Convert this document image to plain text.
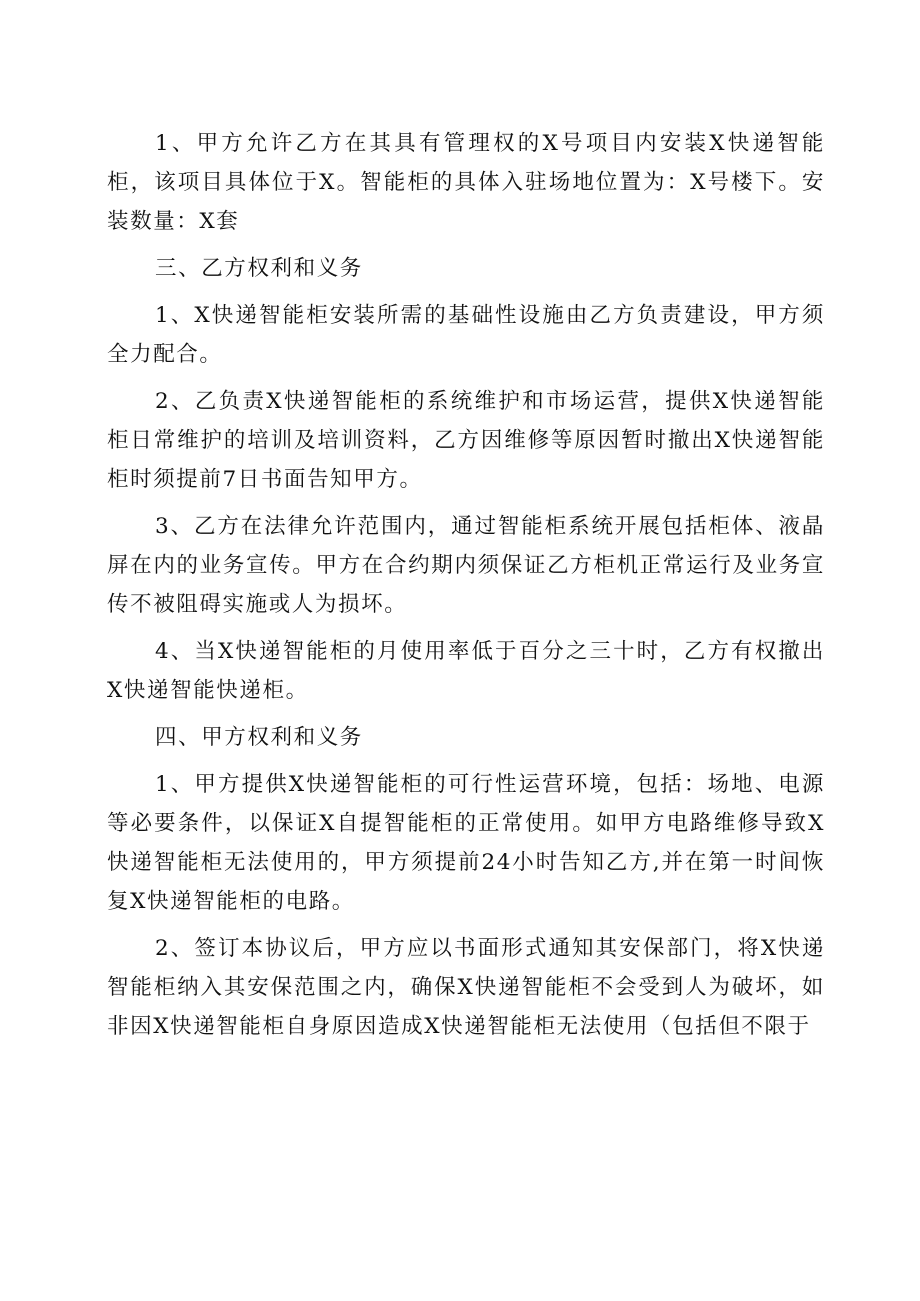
1、甲方允许乙方在其具有管理权的X号项目内安装X快递智能柜，该项目具体位于X。智能柜的具体入驻场地位置为：X号楼下。安装数量：X套

三、乙方权利和义务

1、X快递智能柜安装所需的基础性设施由乙方负责建设，甲方须全力配合。

2、乙负责X快递智能柜的系统维护和市场运营，提供X快递智能柜日常维护的培训及培训资料，乙方因维修等原因暂时撤出X快递智能柜时须提前7日书面告知甲方。

3、乙方在法律允许范围内，通过智能柜系统开展包括柜体、液晶屏在内的业务宣传。甲方在合约期内须保证乙方柜机正常运行及业务宣传不被阻碍实施或人为损坏。

4、当X快递智能柜的月使用率低于百分之三十时，乙方有权撤出X快递智能快递柜。

四、甲方权利和义务

1、甲方提供X快递智能柜的可行性运营环境，包括：场地、电源等必要条件，以保证X自提智能柜的正常使用。如甲方电路维修导致X快递智能柜无法使用的，甲方须提前24小时告知乙方,并在第一时间恢复X快递智能柜的电路。

2、签订本协议后，甲方应以书面形式通知其安保部门，将X快递智能柜纳入其安保范围之内，确保X快递智能柜不会受到人为破坏，如非因X快递智能柜自身原因造成X快递智能柜无法使用（包括但不限于
